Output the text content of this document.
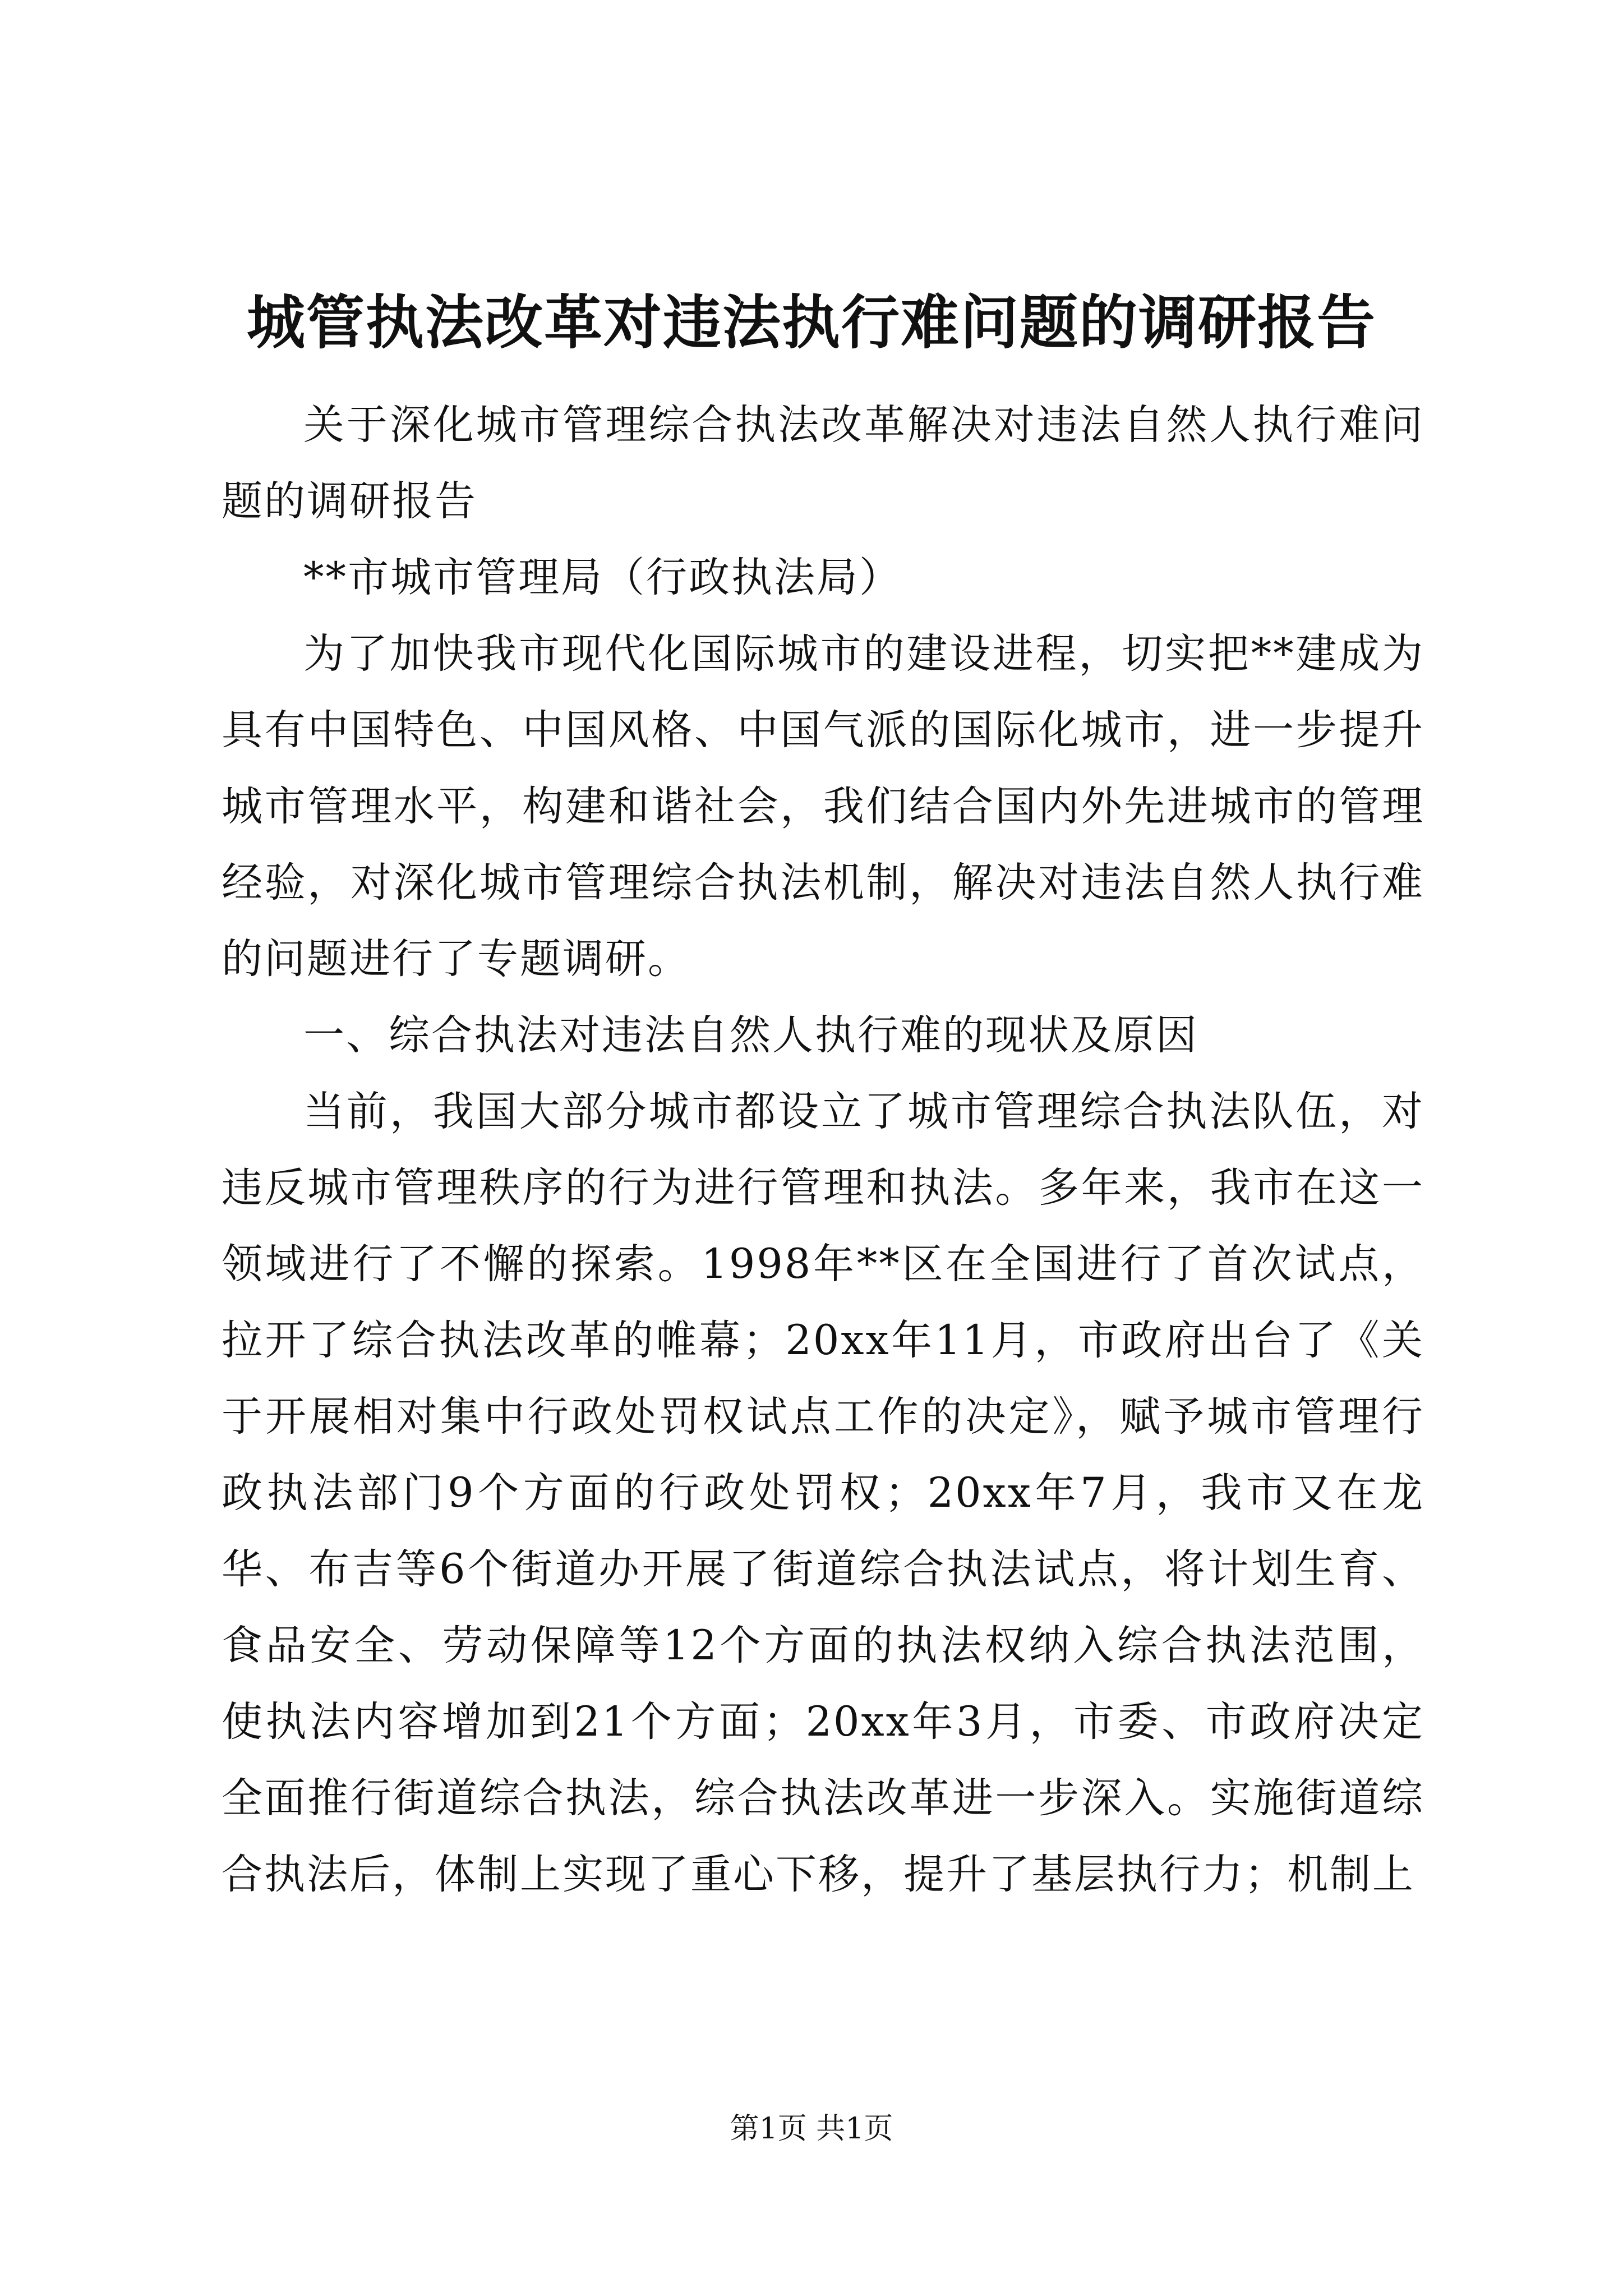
城管执法改革对违法执行难问题的调研报告

关于深化城市管理综合执法改革解决对违法自然人执行难问题的调研报告

**市城市管理局（行政执法局）

为了加快我市现代化国际城市的建设进程，切实把**建成为具有中国特色、中国风格、中国气派的国际化城市，进一步提升城市管理水平，构建和谐社会，我们结合国内外先进城市的管理经验，对深化城市管理综合执法机制，解决对违法自然人执行难的问题进行了专题调研。

一、综合执法对违法自然人执行难的现状及原因

当前，我国大部分城市都设立了城市管理综合执法队伍，对违反城市管理秩序的行为进行管理和执法。多年来，我市在这一领域进行了不懈的探索。1998年**区在全国进行了首次试点，拉开了综合执法改革的帷幕；20xx年11月，市政府出台了《关于开展相对集中行政处罚权试点工作的决定》，赋予城市管理行政执法部门9个方面的行政处罚权；20xx年7月，我市又在龙华、布吉等6个街道办开展了街道综合执法试点，将计划生育、食品安全、劳动保障等12个方面的执法权纳入综合执法范围，使执法内容增加到21个方面；20xx年3月，市委、市政府决定全面推行街道综合执法，综合执法改革进一步深入。实施街道综合执法后，体制上实现了重心下移，提升了基层执行力；机制上

第1页 共1页
